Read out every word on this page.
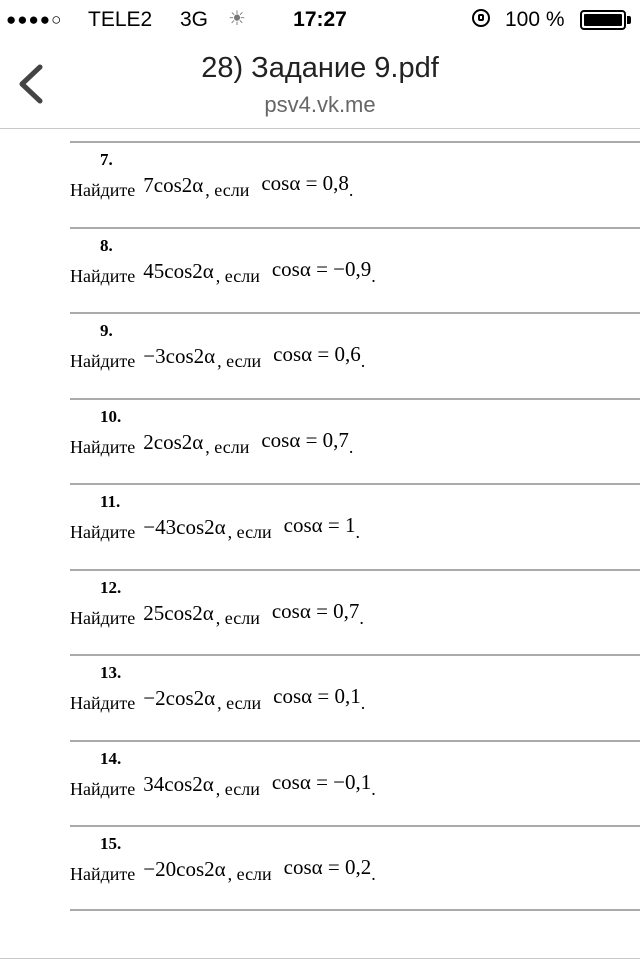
●●●●○ TELE2 3G ☀	17:27	100 %
28) Задание 9.pdf
psv4.vk.me
7.
Найдите 7cos2α , если cosα = 0,8.
8.
Найдите 45cos2α , если cosα = −0,9.
9.
Найдите −3cos2α , если cosα = 0,6.
10.
Найдите 2cos2α , если cosα = 0,7.
11.
Найдите −43cos2α , если cosα = 1.
12.
Найдите 25cos2α , если cosα = 0,7.
13.
Найдите −2cos2α , если cosα = 0,1.
14.
Найдите 34cos2α , если cosα = −0,1.
15.
Найдите −20cos2α , если cosα = 0,2.
